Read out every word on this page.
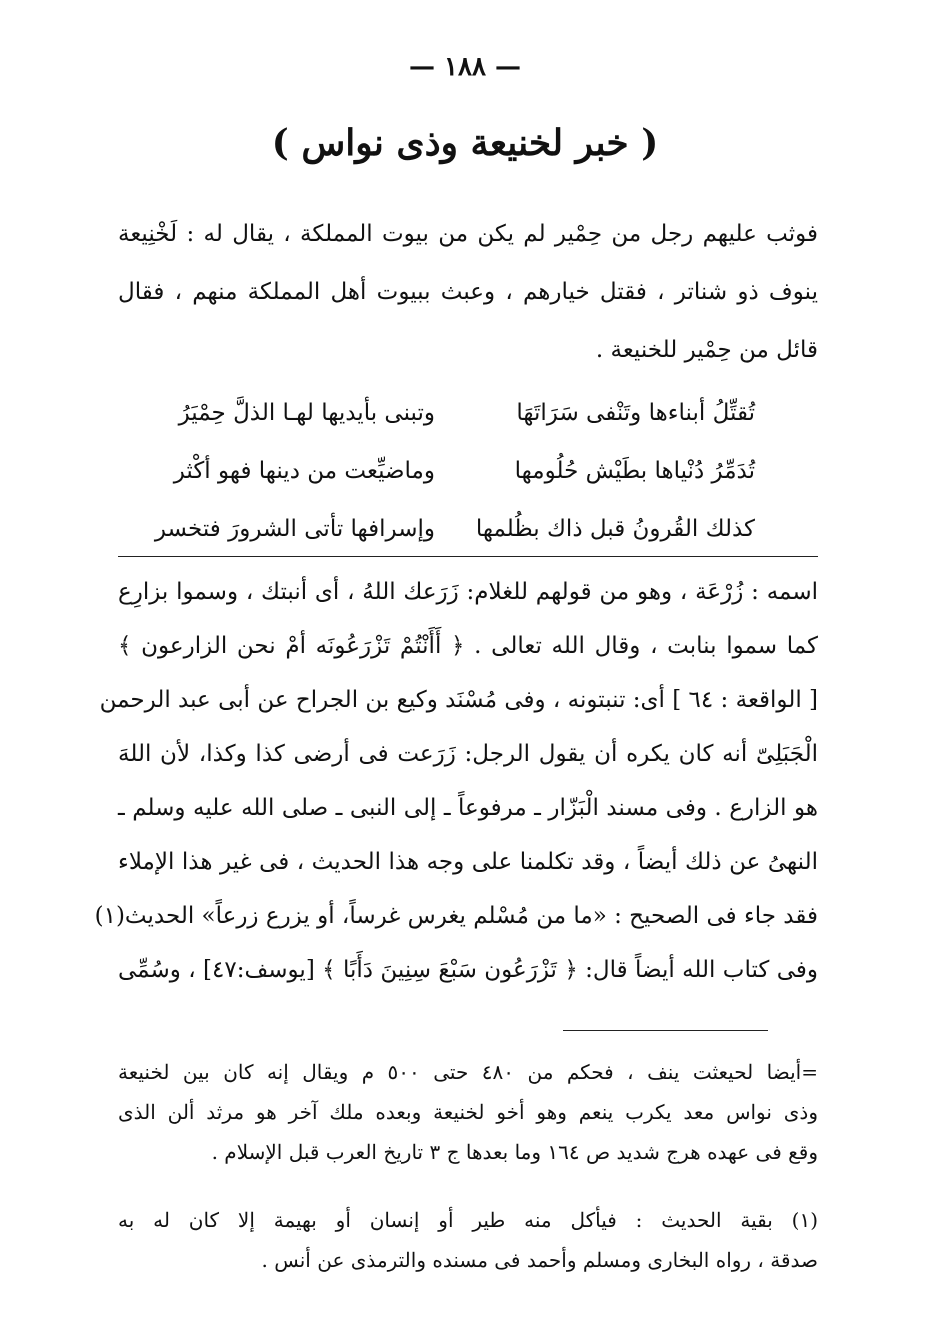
— ١٨٨ —
( خبر لخنيعة وذى نواس )
فوثب عليهم رجل من حِمْير لم يكن من بيوت المملكة ، يقال له : لَخْنِيعة
ينوف ذو شناتر ، فقتل خيارهم ، وعبث ببيوت أهل المملكة منهم ، فقال
قائل من حِمْير للخنيعة .
تُقتِّلُ أبناءها وتَنْفى سَرَاتَهَا
وتبنى بأيديها لهـا الذلَّ حِمْيَرُ
تُدَمِّرُ دُنْياها بطَيْش حُلُومها
وماضيِّعت من دينها فهو أكْثر
كذلك القُرونُ قبل ذاك بظُلمها
وإسرافها تأتى الشرورَ فتخسر
اسمه : زُرْعَة ، وهو من قولهم للغلام: زَرَعك اللهُ ، أى أنبتك ، وسموا بزارِع
كما سموا بنابت ، وقال الله تعالى . ﴿ أَأَنْتُمْ تَزْرَعُونَه أمْ نحن الزارعون ﴾
[ الواقعة : ٦٤ ] أى: تنبتونه ، وفى مُسْنَد وكيع بن الجراح عن أبى عبد الرحمن
الْجَبَلِىّ أنه كان يكره أن يقول الرجل: زَرَعت فى أرضى كذا وكذا، لأن اللهَ
هو الزارع . وفى مسند الْبَزّار ـ مرفوعاً ـ إلى النبى ـ صلى الله عليه وسلم ـ
النهىُ عن ذلك أيضاً ، وقد تكلمنا على وجه هذا الحديث ، فى غير هذا الإملاء
فقد جاء فى الصحيح : «ما من مُسْلم يغرس غرساً، أو يزرع زرعاً» الحديث(١)
وفى كتاب الله أيضاً قال: ﴿ تَزْرَعُون سَبْعَ سِنِينَ دَأَبًا ﴾ [يوسف:٤٧] ، وسُمِّى
=أيضا لحيعثت ينف ، فحكم من ٤٨٠ حتى ٥٠٠ م ويقال إنه كان بين لخنيعة
وذى نواس معد يكرب ينعم وهو أخو لخنيعة وبعده ملك آخر هو مرثد ألن الذى
وقع فى عهده هرج شديد ص ١٦٤ وما بعدها ج ٣ تاريخ العرب قبل الإسلام .
(١) بقية الحديث : فيأكل منه طير أو إنسان أو بهيمة إلا كان له به
صدقة ، رواه البخارى ومسلم وأحمد فى مسنده والترمذى عن أنس .
